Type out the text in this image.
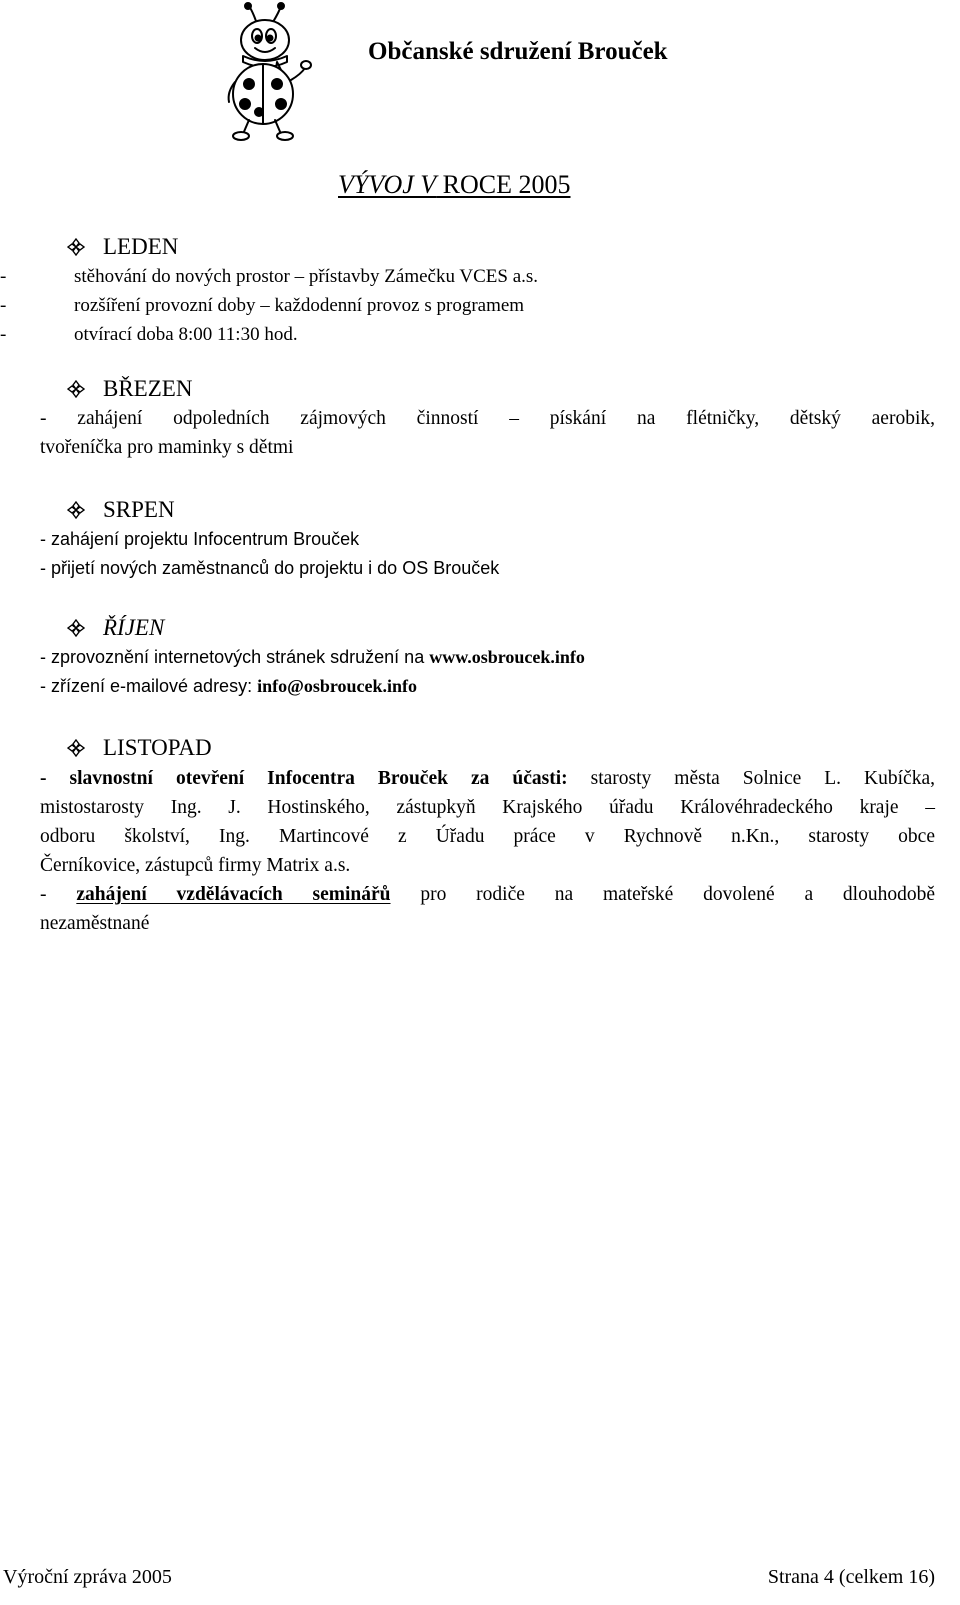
Občanské sdružení Brouček
VÝVOJ V ROCE 2005
LEDEN
-	stěhování do nových prostor – přístavby Zámečku VCES a.s.
-	rozšíření provozní doby – každodenní provoz s programem
-	otvírací doba 8:00 11:30 hod.
BŘEZEN
- zahájení odpoledních zájmových činností – pískání na flétničky, dětský aerobik,
tvořeníčka pro maminky s dětmi
SRPEN
- zahájení projektu Infocentrum Brouček
- přijetí nových zaměstnanců do projektu i do OS Brouček
ŘÍJEN
- zprovoznění internetových stránek sdružení na www.osbroucek.info
- zřízení e-mailové adresy: info@osbroucek.info
LISTOPAD
- slavnostní otevření Infocentra Brouček za účasti: starosty města Solnice L. Kubíčka,
mistostarosty Ing. J. Hostinského, zástupkyň Krajského úřadu Královéhradeckého kraje –
odboru školství, Ing. Martincové z Úřadu práce v Rychnově n.Kn., starosty obce
Černíkovice, zástupců firmy Matrix a.s.
- zahájení vzdělávacích seminářů pro rodiče na mateřské dovolené a dlouhodobě
nezaměstnané
Výroční zpráva 2005	Strana 4 (celkem 16)
